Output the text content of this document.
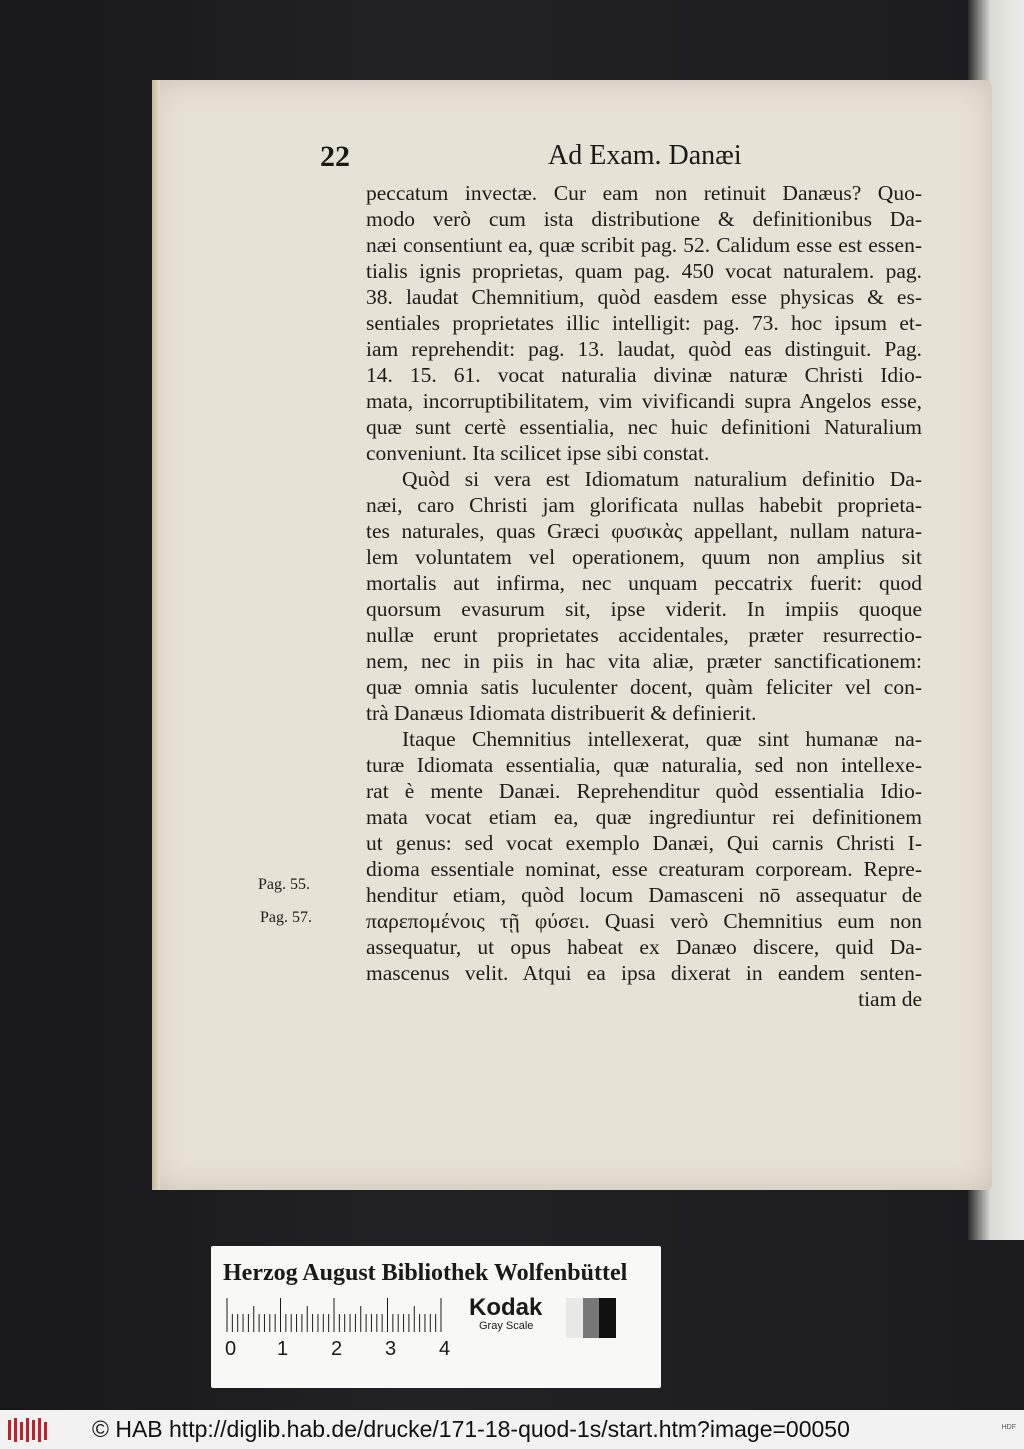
22	Ad Exam. Danæi
peccatum invectæ. Cur eam non retinuit Danæus? Quo-
modo verò cum ista distributione & definitionibus Da-
næi consentiunt ea, quæ scribit pag. 52. Calidum esse est essen-
tialis ignis proprietas, quam pag. 450 vocat naturalem. pag.
38. laudat Chemnitium, quòd easdem esse physicas & es-
sentiales proprietates illic intelligit: pag. 73. hoc ipsum et-
iam reprehendit: pag. 13. laudat, quòd eas distinguit. Pag.
14. 15. 61. vocat naturalia divinæ naturæ Christi Idio-
mata, incorruptibilitatem, vim vivificandi supra Angelos esse,
quæ sunt certè essentialia, nec huic definitioni Naturalium
conveniunt. Ita scilicet ipse sibi constat.
Quòd si vera est Idiomatum naturalium definitio Da-
næi, caro Christi jam glorificata nullas habebit proprieta-
tes naturales, quas Græci φυσικὰς appellant, nullam natura-
lem voluntatem vel operationem, quum non amplius sit
mortalis aut infirma, nec unquam peccatrix fuerit: quod
quorsum evasurum sit, ipse viderit. In impiis quoque
nullæ erunt proprietates accidentales, præter resurrectio-
nem, nec in piis in hac vita aliæ, præter sanctificationem:
quæ omnia satis luculenter docent, quàm feliciter vel con-
trà Danæus Idiomata distribuerit & definierit.
Itaque Chemnitius intellexerat, quæ sint humanæ na-
turæ Idiomata essentialia, quæ naturalia, sed non intellexe-
rat è mente Danæi. Reprehenditur quòd essentialia Idio-
mata vocat etiam ea, quæ ingrediuntur rei definitionem
ut genus: sed vocat exemplo Danæi, Qui carnis Christi I-
dioma essentiale nominat, esse creaturam corpoream. Repre-
henditur etiam, quòd locum Damasceni nō assequatur de
παρεπομένοις τῇ φύσει. Quasi verò Chemnitius eum non
assequatur, ut opus habeat ex Danæo discere, quid Da-
mascenus velit. Atqui ea ipsa dixerat in eandem senten-
tiam de
Pag. 55.
Pag. 57.
Herzog August Bibliothek Wolfenbüttel
0 1 2 3 4
Kodak
Gray Scale
© HAB http://diglib.hab.de/drucke/171-18-quod-1s/start.htm?image=00050	HDF
